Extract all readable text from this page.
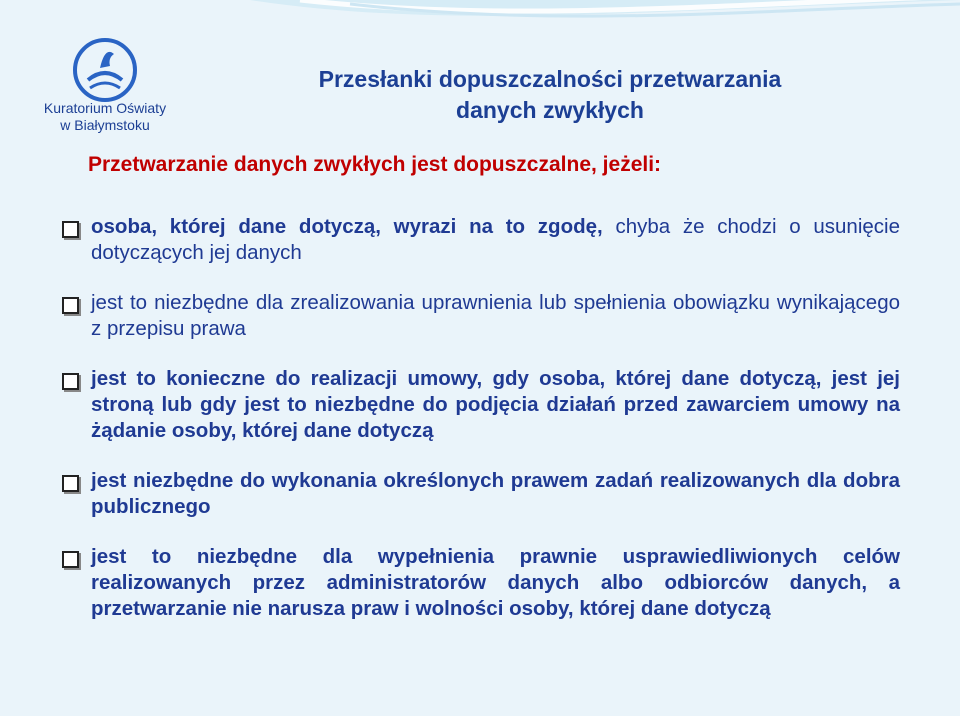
Kuratorium Oświaty
w Białymstoku
Przesłanki dopuszczalności przetwarzania
danych zwykłych
Przetwarzanie danych zwykłych jest dopuszczalne, jeżeli:
osoba, której dane dotyczą, wyrazi na to zgodę, chyba że chodzi o usunięcie dotyczących jej danych
jest to niezbędne dla zrealizowania uprawnienia lub spełnienia obowiązku wynikającego z przepisu prawa
jest to konieczne do realizacji umowy, gdy osoba, której dane dotyczą, jest jej stroną lub gdy jest to niezbędne do podjęcia działań przed zawarciem umowy na żądanie osoby, której dane dotyczą
jest niezbędne do wykonania określonych prawem zadań realizowanych dla dobra publicznego
jest to niezbędne dla wypełnienia prawnie usprawiedliwionych celów realizowanych przez administratorów danych albo odbiorców danych, a przetwarzanie nie narusza praw i wolności osoby, której dane dotyczą
